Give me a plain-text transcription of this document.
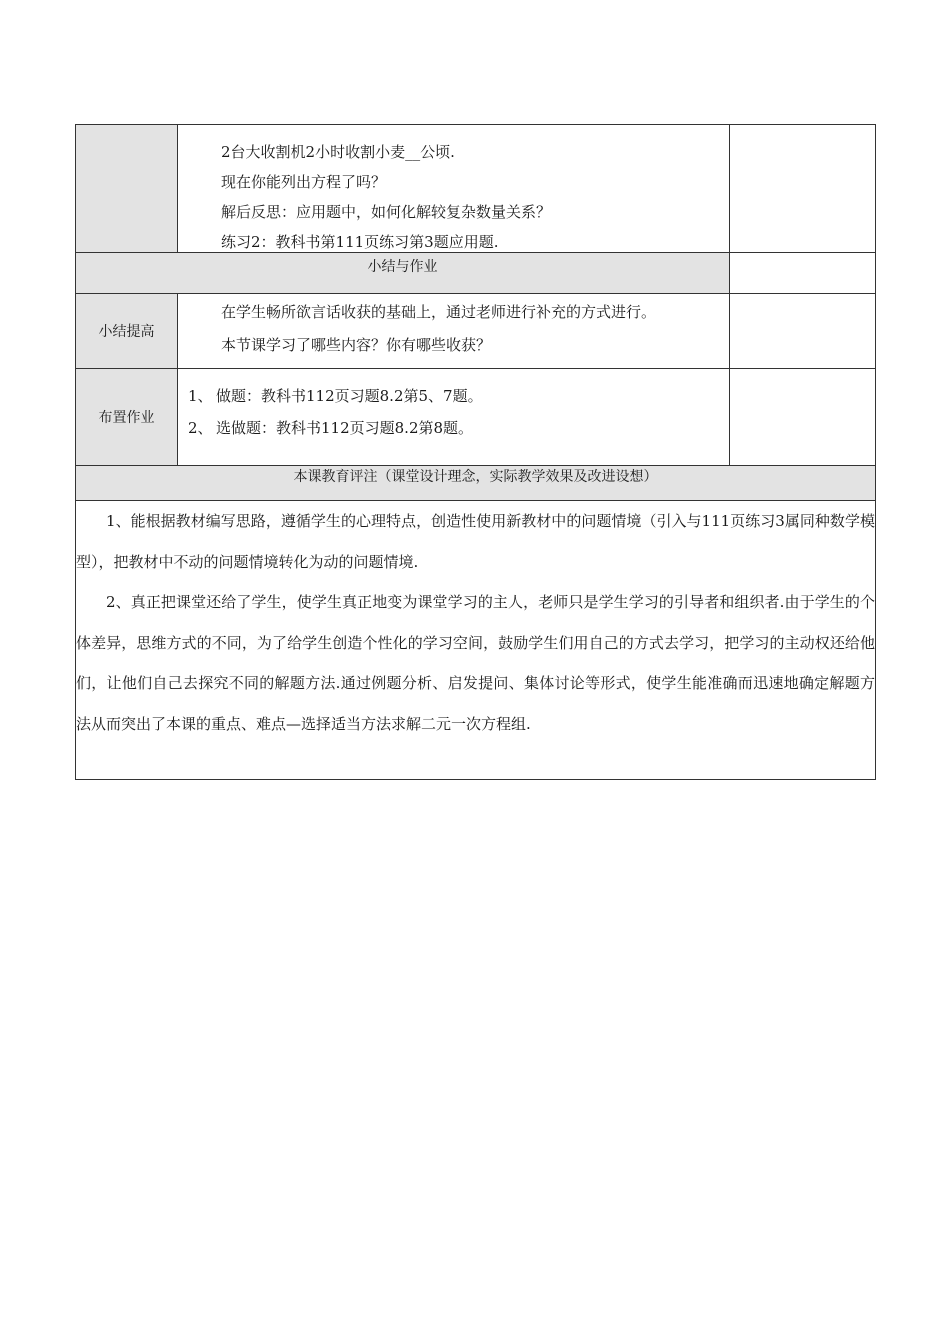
	2台大收割机2小时收割小麦__公顷.

现在你能列出方程了吗？

解后反思：应用题中，如何化解较复杂数量关系？

练习2：教科书第111页练习第3题应用题.	

小结与作业		
小结提高	在学生畅所欲言话收获的基础上，通过老师进行补充的方式进行。

本节课学习了哪些内容？你有哪些收获？	

布置作业	1、 做题：教科书112页习题8.2第5、7题。

2、 选做题：教科书112页习题8.2第8题。	

本课教育评注（课堂设计理念，实际教学效果及改进设想）		

1、能根据教材编写思路，遵循学生的心理特点，创造性使用新教材中的问题情境（引入与111页练习3属同种数学模型），把教材中不动的问题情境转化为动的问题情境.

2、真正把课堂还给了学生，使学生真正地变为课堂学习的主人，老师只是学生学习的引导者和组织者.由于学生的个体差异，思维方式的不同，为了给学生创造个性化的学习空间，鼓励学生们用自己的方式去学习，把学习的主动权还给他们，让他们自己去探究不同的解题方法.通过例题分析、启发提问、集体讨论等形式，使学生能准确而迅速地确定解题方法从而突出了本课的重点、难点—选择适当方法求解二元一次方程组.		
